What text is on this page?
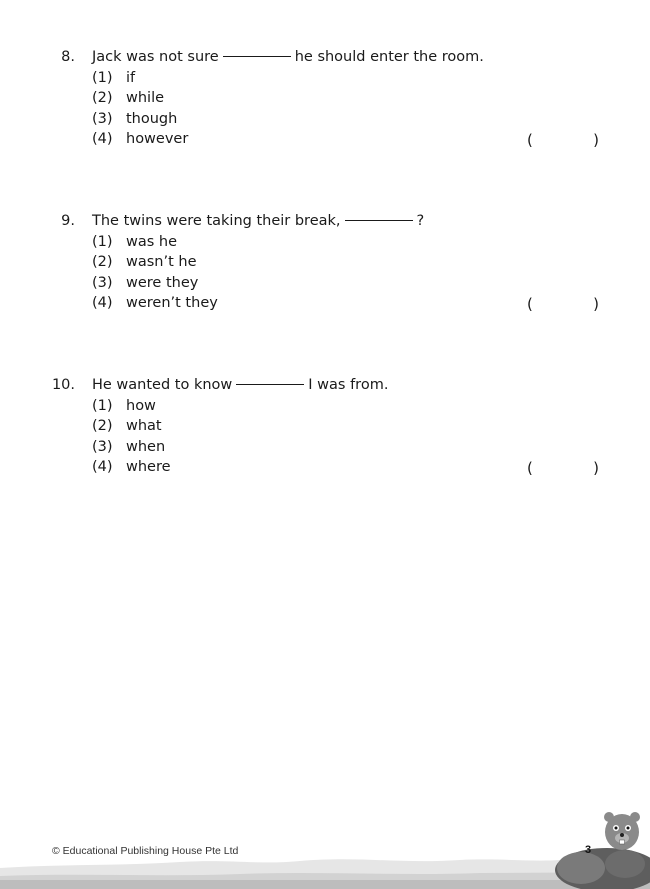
8. Jack was not sure	he should enter the room.
(1) if
(2) while
(3) though
(4) however	(	)
9. The twins were taking their break,	?
(1) was he
(2) wasn’t he
(3) were they
(4) weren’t they	(	)
10. He wanted to know	I was from.
(1) how
(2) what
(3) when
(4) where	(	)
3
© Educational Publishing House Pte Ltd
